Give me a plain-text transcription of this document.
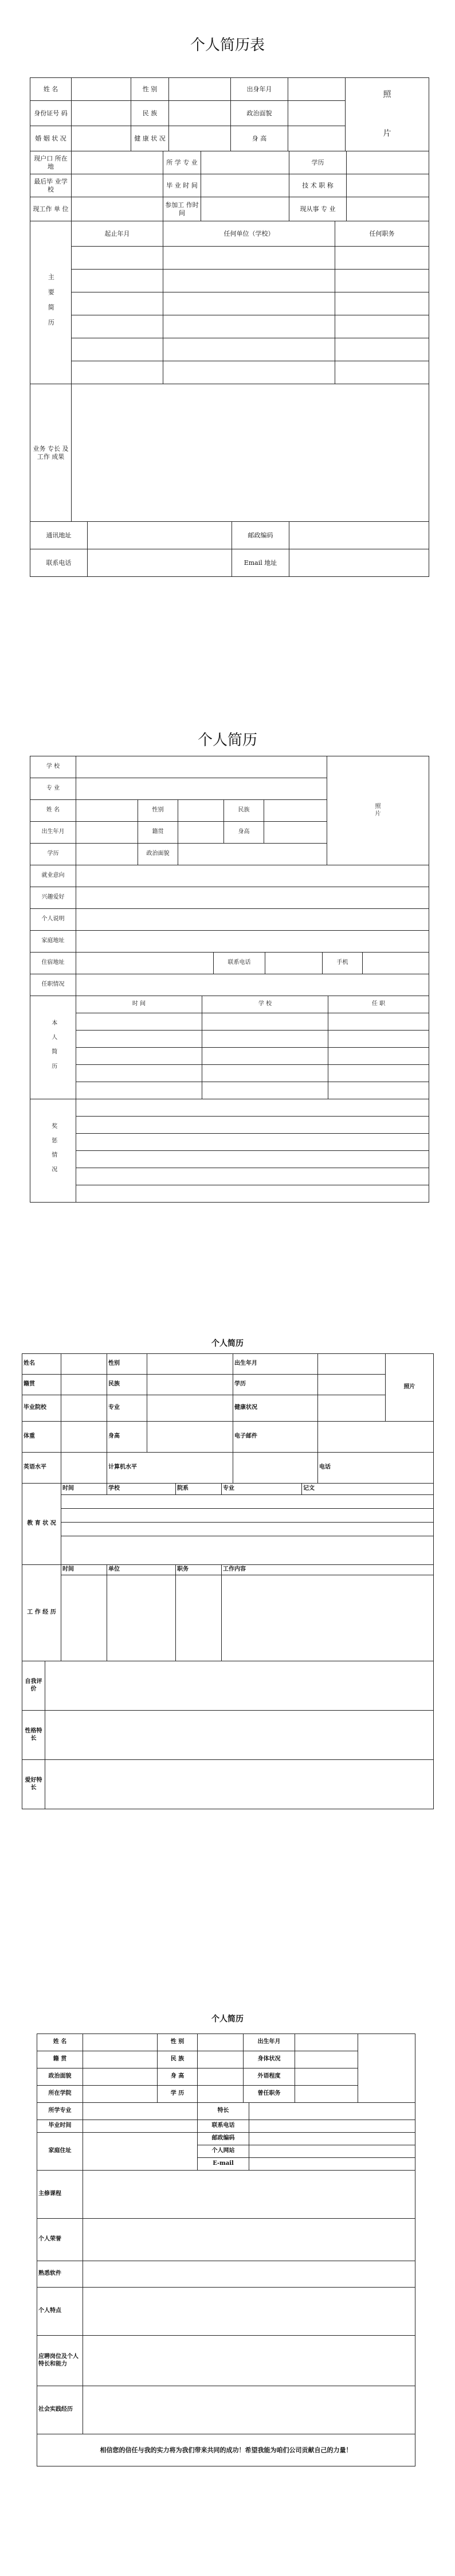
个人简历表
姓 名		性 别		出身年月		照
片

身份证号 码		民 族		政治面貌		
婚 姻 状 况		健 康 状 况		身 高		
现户口 所在地		所 学 专 业		学历	
最后毕 业学校		毕 业 时 间		技 术 职 称	
现工作 单 位		参加工 作时间		现从事 专 业	
主 要 简 历	起止年月	任何单位（学校）	任何职务

业务 专长 及 工作 成果			
通讯地址		邮政编码	
联系电话		Email 地址	
个人简历
学 校						照 片
专 业						
姓 名		性别		民族		
出生年月		籍贯		身高		
学历		政治面貌				
就业意向					
兴趣爱好					
个人说明					
家庭地址					
住宿地址		联系电话		手机	
任职情况					
本 人 简 历	时 间	学 校	任 职

奖 惩 情 况			

个人简历
姓名		性别		出生年月		照片
籍贯		民族		学历		
毕业院校		专业		健康状况		
体重		身高		电子邮件		
英语水平		计算机水平			电话	
教 育 状 况	时间	学校	院系	专业	记文

工 作 经 历	时间	单位	职务	工作内容

自我评价	
性格特长	
爱好特长	
个人简历
姓 名		性 别		出生年月		
籍 贯		民 族		身体状况		
政治面貌		身 高		外语程度		
所在学院		学 历		曾任职务		
所学专业		特长	
毕业时间		联系电话	
家庭住址		邮政编码	
		个人网站	
		E-mail	
主修课程	
个人荣誉	
熟悉软件	
个人特点	
应聘岗位及个人特长和能力	
社会实践经历	
相信您的信任与我的实力将为我们带来共同的成功！希望我能为咱们公司贡献自己的力量！	
